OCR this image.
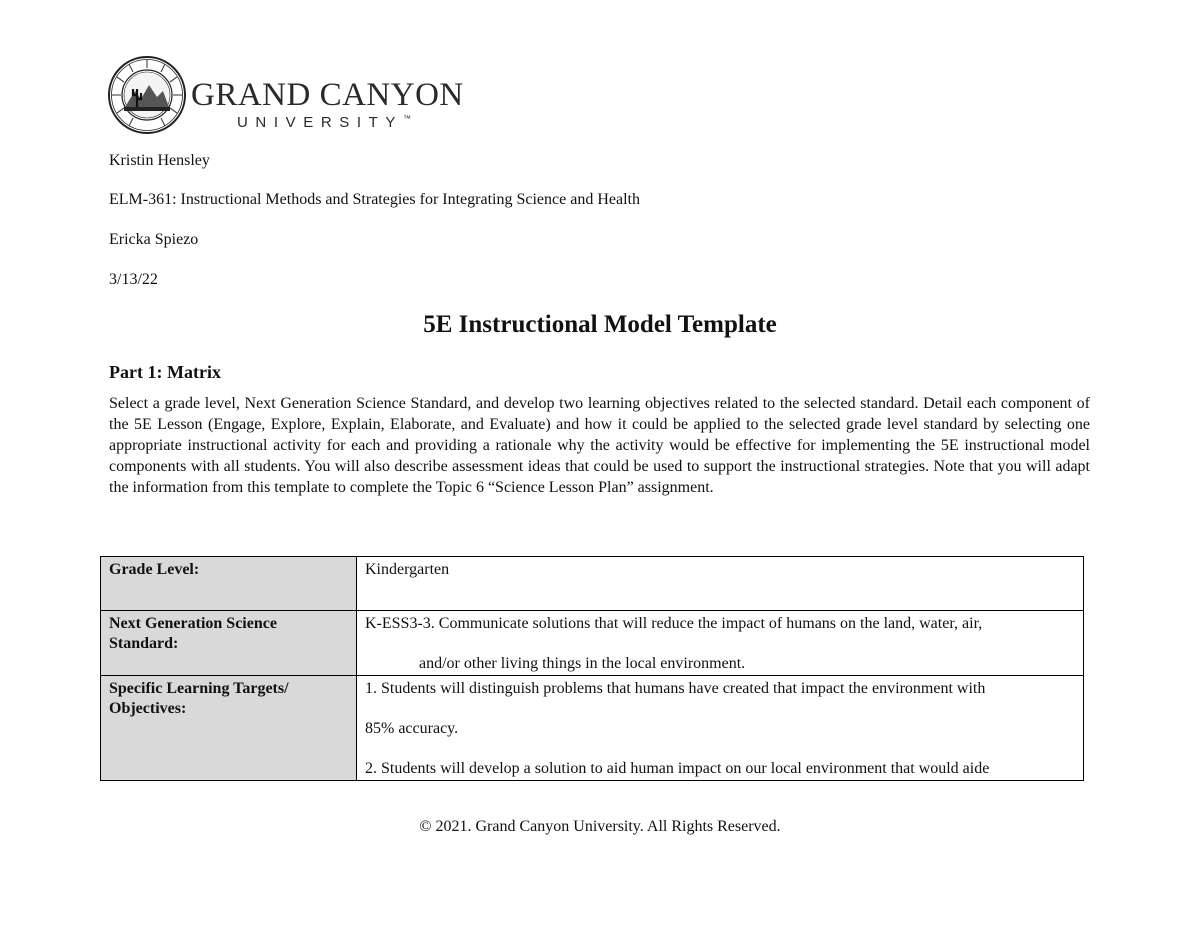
GRAND CANYON
UNIVERSITY™
Kristin Hensley
ELM-361: Instructional Methods and Strategies for Integrating Science and Health
Ericka Spiezo
3/13/22
5E Instructional Model Template
Part 1: Matrix
Select a grade level, Next Generation Science Standard, and develop two learning objectives related to the selected standard. Detail each component of the 5E Lesson (Engage, Explore, Explain, Elaborate, and Evaluate) and how it could be applied to the selected grade level standard by selecting one appropriate instructional activity for each and providing a rationale why the activity would be effective for implementing the 5E instructional model components with all students. You will also describe assessment ideas that could be used to support the instructional strategies. Note that you will adapt the information from this template to complete the Topic 6 “Science Lesson Plan” assignment.
Grade Level:	Kindergarten
Next Generation Science Standard:	K-ESS3-3. Communicate solutions that will reduce the impact of humans on the land, water, air,

and/or other living things in the local environment.

Specific Learning Targets/ Objectives:	1. Students will distinguish problems that humans have created that impact the environment with

85% accuracy.

2. Students will develop a solution to aid human impact on our local environment that would aide

© 2021. Grand Canyon University. All Rights Reserved.
